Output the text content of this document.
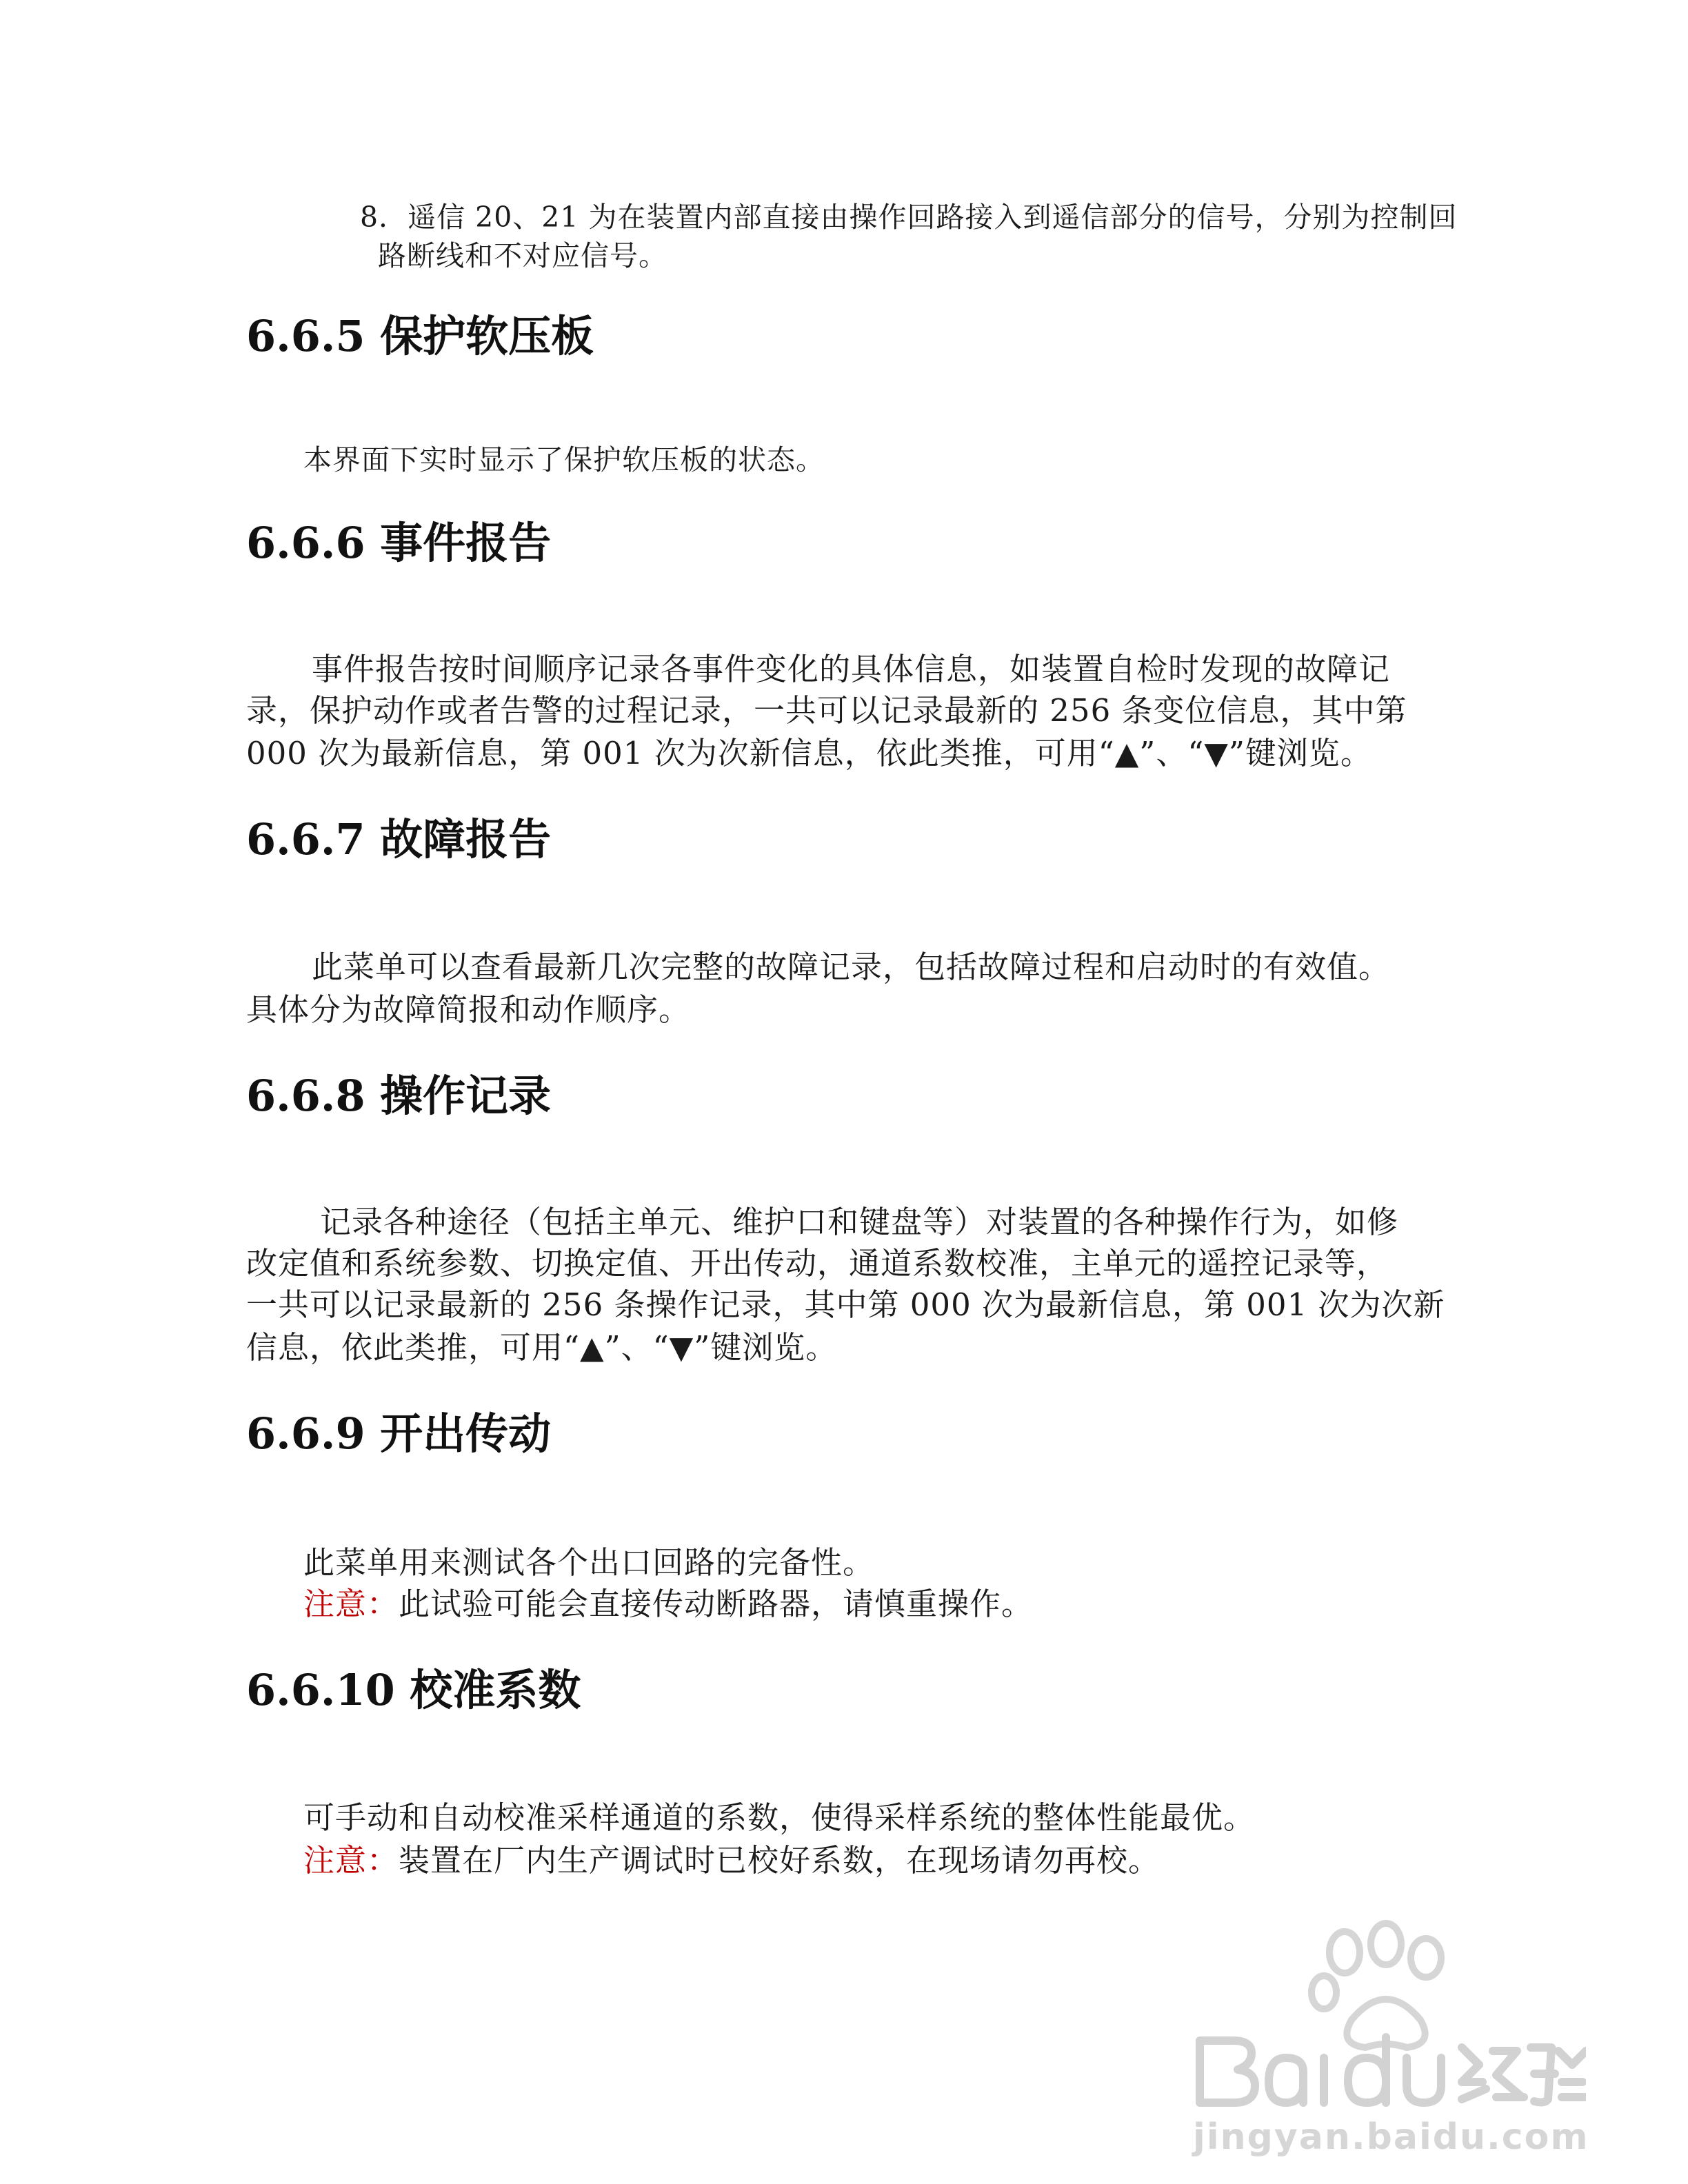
8．遥信 20、21 为在装置内部直接由操作回路接入到遥信部分的信号，分别为控制回
路断线和不对应信号。
6.6.5 保护软压板
本界面下实时显示了保护软压板的状态。
6.6.6 事件报告
事件报告按时间顺序记录各事件变化的具体信息，如装置自检时发现的故障记
录，保护动作或者告警的过程记录，一共可以记录最新的 256 条变位信息，其中第
000 次为最新信息，第 001 次为次新信息，依此类推，可用“▲”、“▼”键浏览。
6.6.7 故障报告
此菜单可以查看最新几次完整的故障记录，包括故障过程和启动时的有效值。
具体分为故障简报和动作顺序。
6.6.8 操作记录
记录各种途径（包括主单元、维护口和键盘等）对装置的各种操作行为，如修
改定值和系统参数、切换定值、开出传动，通道系数校准，主单元的遥控记录等，
一共可以记录最新的 256 条操作记录，其中第 000 次为最新信息，第 001 次为次新
信息，依此类推，可用“▲”、“▼”键浏览。
6.6.9 开出传动
此菜单用来测试各个出口回路的完备性。
注意：此试验可能会直接传动断路器，请慎重操作。
6.6.10 校准系数
可手动和自动校准采样通道的系数，使得采样系统的整体性能最优。
注意：装置在厂内生产调试时已校好系数，在现场请勿再校。
jingyan.baidu.com
